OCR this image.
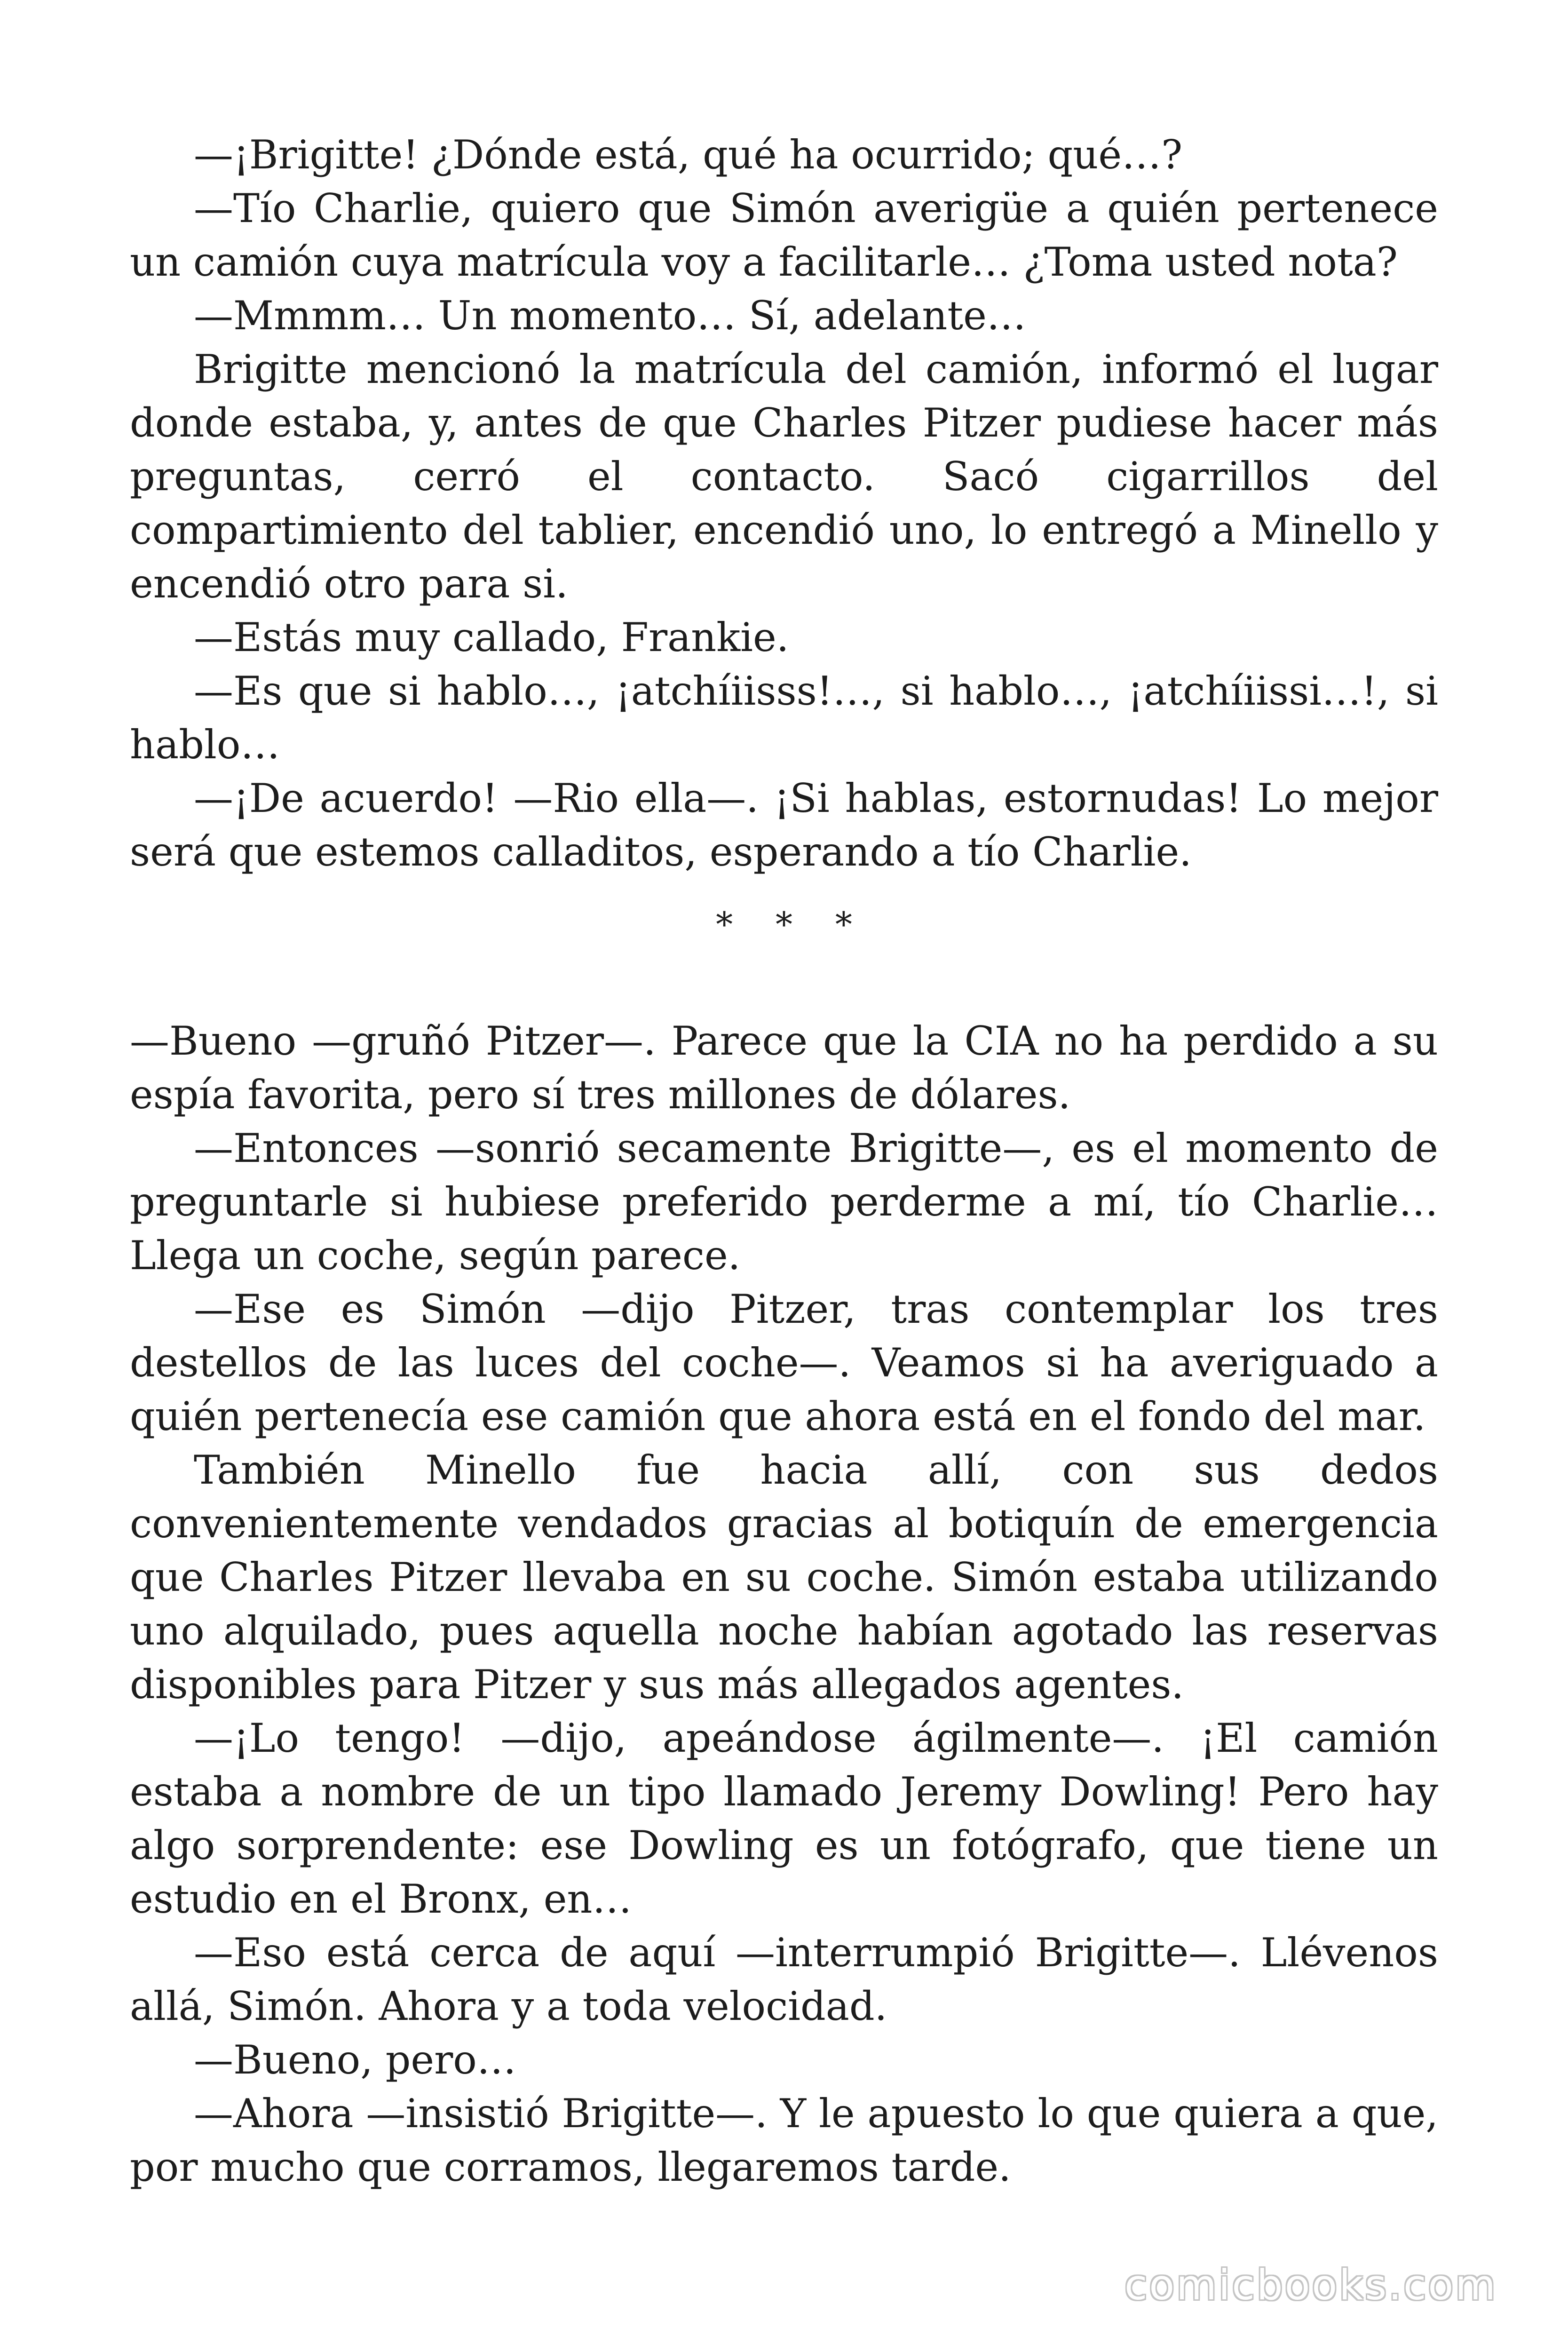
—¡Brigitte! ¿Dónde está, qué ha ocurrido; qué…?

—Tío Charlie, quiero que Simón averigüe a quién pertenece un camión cuya matrícula voy a facilitarle… ¿Toma usted nota?

—Mmmm… Un momento… Sí, adelante…

Brigitte mencionó la matrícula del camión, informó el lugar donde estaba, y, antes de que Charles Pitzer pudiese hacer más preguntas, cerró el contacto. Sacó cigarrillos del compartimiento del tablier, encendió uno, lo entregó a Minello y encendió otro para si.

—Estás muy callado, Frankie.

—Es que si hablo…, ¡atchíiisss!…, si hablo…, ¡atchíiissi…!, si hablo…

—¡De acuerdo! —Rio ella—. ¡Si hablas, estornudas! Lo mejor será que estemos calladitos, esperando a tío Charlie.

* * *

—Bueno —gruñó Pitzer—. Parece que la CIA no ha perdido a su espía favorita, pero sí tres millones de dólares.

—Entonces —sonrió secamente Brigitte—, es el momento de preguntarle si hubiese preferido perderme a mí, tío Charlie… Llega un coche, según parece.

—Ese es Simón —dijo Pitzer, tras contemplar los tres destellos de las luces del coche—. Veamos si ha averiguado a quién pertenecía ese camión que ahora está en el fondo del mar.

También Minello fue hacia allí, con sus dedos convenientemente vendados gracias al botiquín de emergencia que Charles Pitzer llevaba en su coche. Simón estaba utilizando uno alquilado, pues aquella noche habían agotado las reservas disponibles para Pitzer y sus más allegados agentes.

—¡Lo tengo! —dijo, apeándose ágilmente—. ¡El camión estaba a nombre de un tipo llamado Jeremy Dowling! Pero hay algo sorprendente: ese Dowling es un fotógrafo, que tiene un estudio en el Bronx, en…

—Eso está cerca de aquí —interrumpió Brigitte—. Llévenos allá, Simón. Ahora y a toda velocidad.

—Bueno, pero…

—Ahora —insistió Brigitte—. Y le apuesto lo que quiera a que, por mucho que corramos, llegaremos tarde.

comicbooks.com
